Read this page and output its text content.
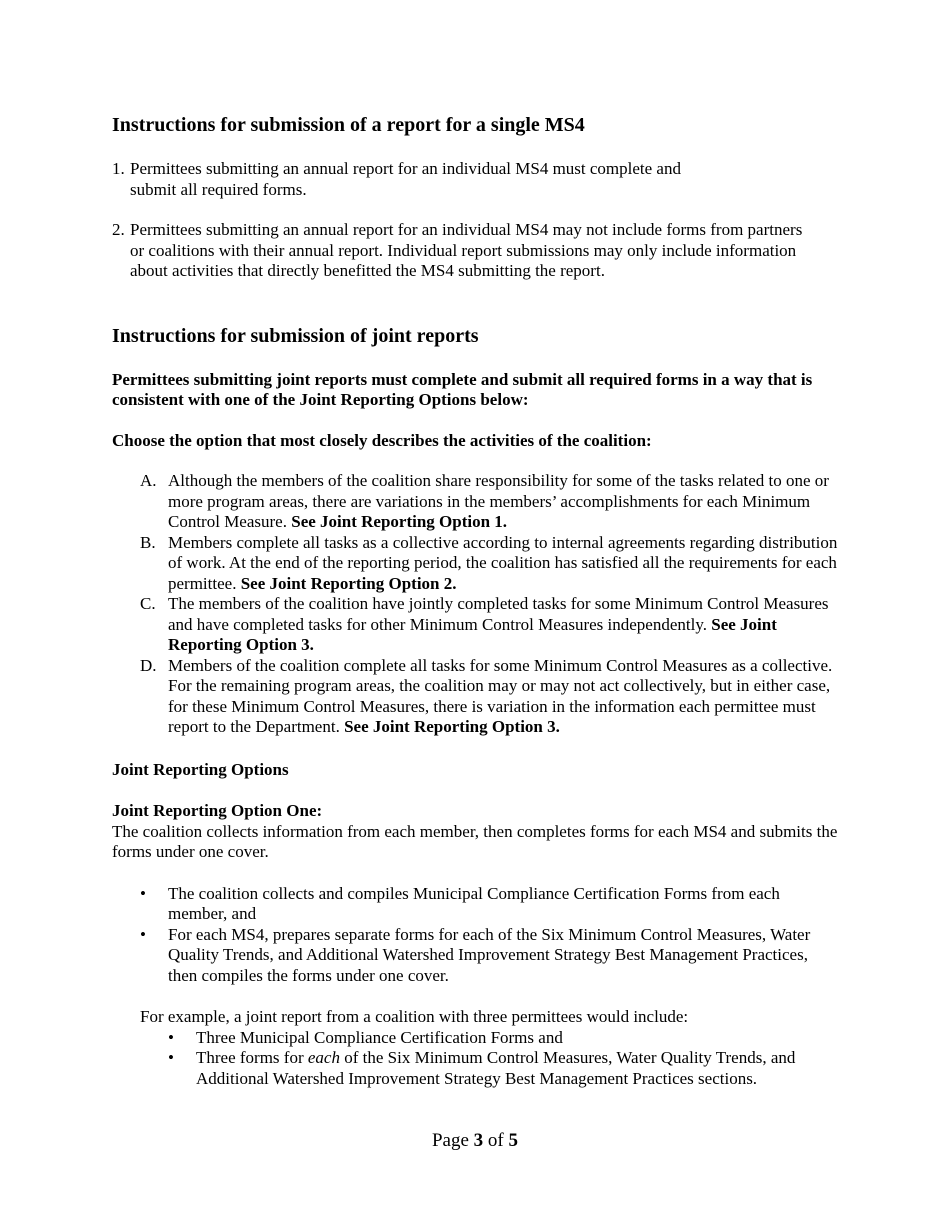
Instructions for submission of a report for a single MS4
1. Permittees submitting an annual report for an individual MS4 must complete and submit all required forms.
2. Permittees submitting an annual report for an individual MS4 may not include forms from partners or coalitions with their annual report. Individual report submissions may only include information about activities that directly benefitted the MS4 submitting the report.
Instructions for submission of joint reports

Permittees submitting joint reports must complete and submit all required forms in a way that is consistent with one of the Joint Reporting Options below:

Choose the option that most closely describes the activities of the coalition:

A. Although the members of the coalition share responsibility for some of the tasks related to one or more program areas, there are variations in the members’ accomplishments for each Minimum Control Measure. See Joint Reporting Option 1.
B. Members complete all tasks as a collective according to internal agreements regarding distribution of work. At the end of the reporting period, the coalition has satisfied all the requirements for each permittee. See Joint Reporting Option 2.
C. The members of the coalition have jointly completed tasks for some Minimum Control Measures and have completed tasks for other Minimum Control Measures independently. See Joint Reporting Option 3.
D. Members of the coalition complete all tasks for some Minimum Control Measures as a collective. For the remaining program areas, the coalition may or may not act collectively, but in either case, for these Minimum Control Measures, there is variation in the information each permittee must report to the Department. See Joint Reporting Option 3.

Joint Reporting Options

Joint Reporting Option One:

The coalition collects information from each member, then completes forms for each MS4 and submits the forms under one cover.

•	The coalition collects and compiles Municipal Compliance Certification Forms from each member, and
•	For each MS4, prepares separate forms for each of the Six Minimum Control Measures, Water Quality Trends, and Additional Watershed Improvement Strategy Best Management Practices, then compiles the forms under one cover.

For example, a joint report from a coalition with three permittees would include:

•	Three Municipal Compliance Certification Forms and
•	Three forms for each of the Six Minimum Control Measures, Water Quality Trends, and Additional Watershed Improvement Strategy Best Management Practices sections.
Page 3 of 5
